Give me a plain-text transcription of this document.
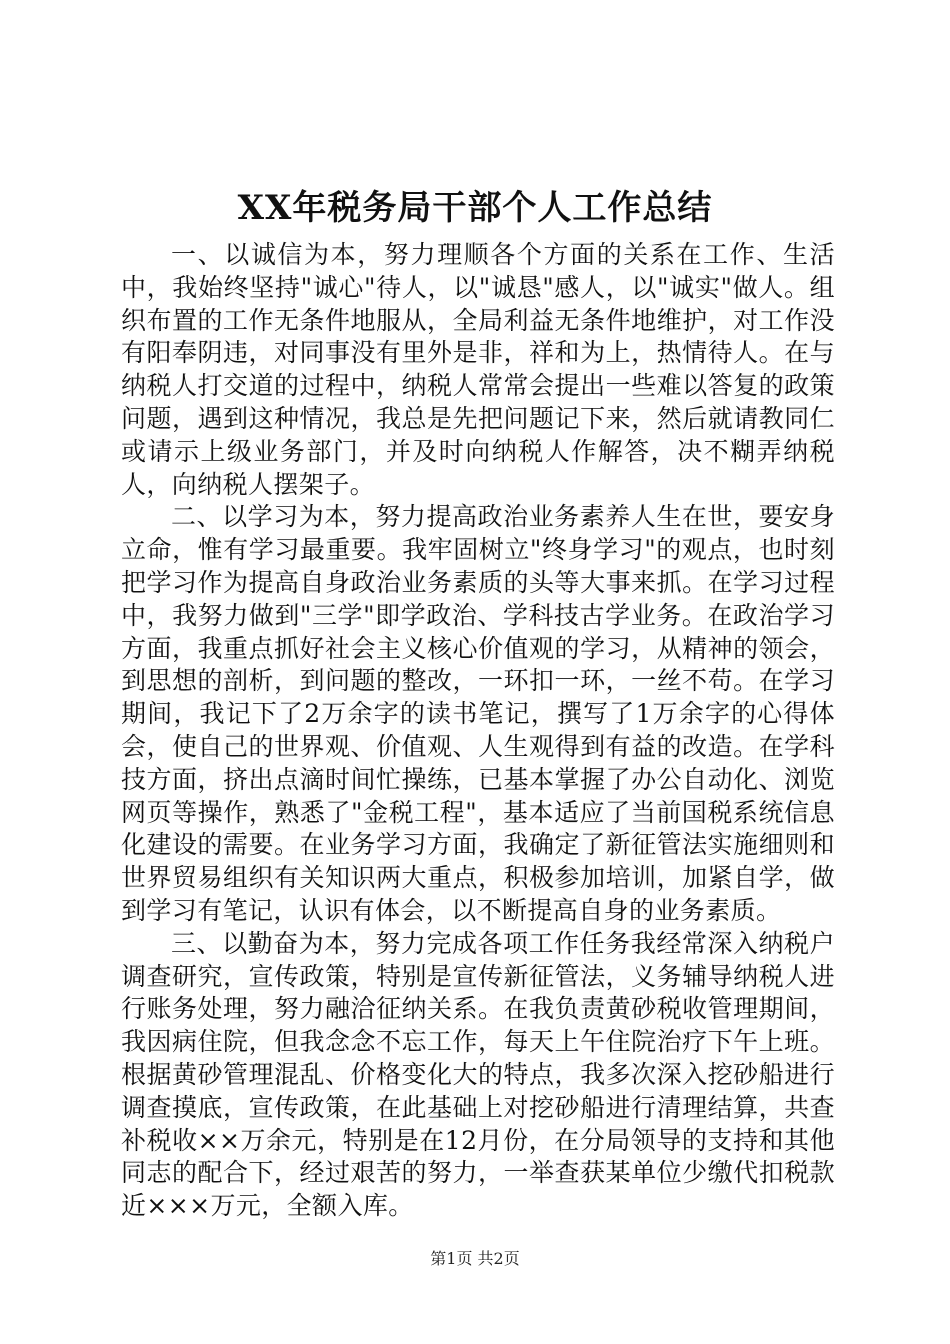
XX年税务局干部个人工作总结

一、以诚信为本，努力理顺各个方面的关系在工作、生活中，我始终坚持"诚心"待人，以"诚恳"感人，以"诚实"做人。组织布置的工作无条件地服从，全局利益无条件地维护，对工作没有阳奉阴违，对同事没有里外是非，祥和为上，热情待人。在与纳税人打交道的过程中，纳税人常常会提出一些难以答复的政策问题，遇到这种情况，我总是先把问题记下来，然后就请教同仁或请示上级业务部门，并及时向纳税人作解答，决不糊弄纳税人，向纳税人摆架子。

二、以学习为本，努力提高政治业务素养人生在世，要安身立命，惟有学习最重要。我牢固树立"终身学习"的观点，也时刻把学习作为提高自身政治业务素质的头等大事来抓。在学习过程中，我努力做到"三学"即学政治、学科技古学业务。在政治学习方面，我重点抓好社会主义核心价值观的学习，从精神的领会，到思想的剖析，到问题的整改，一环扣一环，一丝不苟。在学习期间，我记下了2万余字的读书笔记，撰写了1万余字的心得体会，使自己的世界观、价值观、人生观得到有益的改造。在学科技方面，挤出点滴时间忙操练，已基本掌握了办公自动化、浏览网页等操作，熟悉了"金税工程"，基本适应了当前国税系统信息化建设的需要。在业务学习方面，我确定了新征管法实施细则和世界贸易组织有关知识两大重点，积极参加培训，加紧自学，做到学习有笔记，认识有体会，以不断提高自身的业务素质。

三、以勤奋为本，努力完成各项工作任务我经常深入纳税户调查研究，宣传政策，特别是宣传新征管法，义务辅导纳税人进行账务处理，努力融洽征纳关系。在我负责黄砂税收管理期间，我因病住院，但我念念不忘工作，每天上午住院治疗下午上班。根据黄砂管理混乱、价格变化大的特点，我多次深入挖砂船进行调查摸底，宣传政策，在此基础上对挖砂船进行清理结算，共查补税收××万余元，特别是在12月份，在分局领导的支持和其他同志的配合下，经过艰苦的努力，一举查获某单位少缴代扣税款近×××万元，全额入库。

第1页 共2页
